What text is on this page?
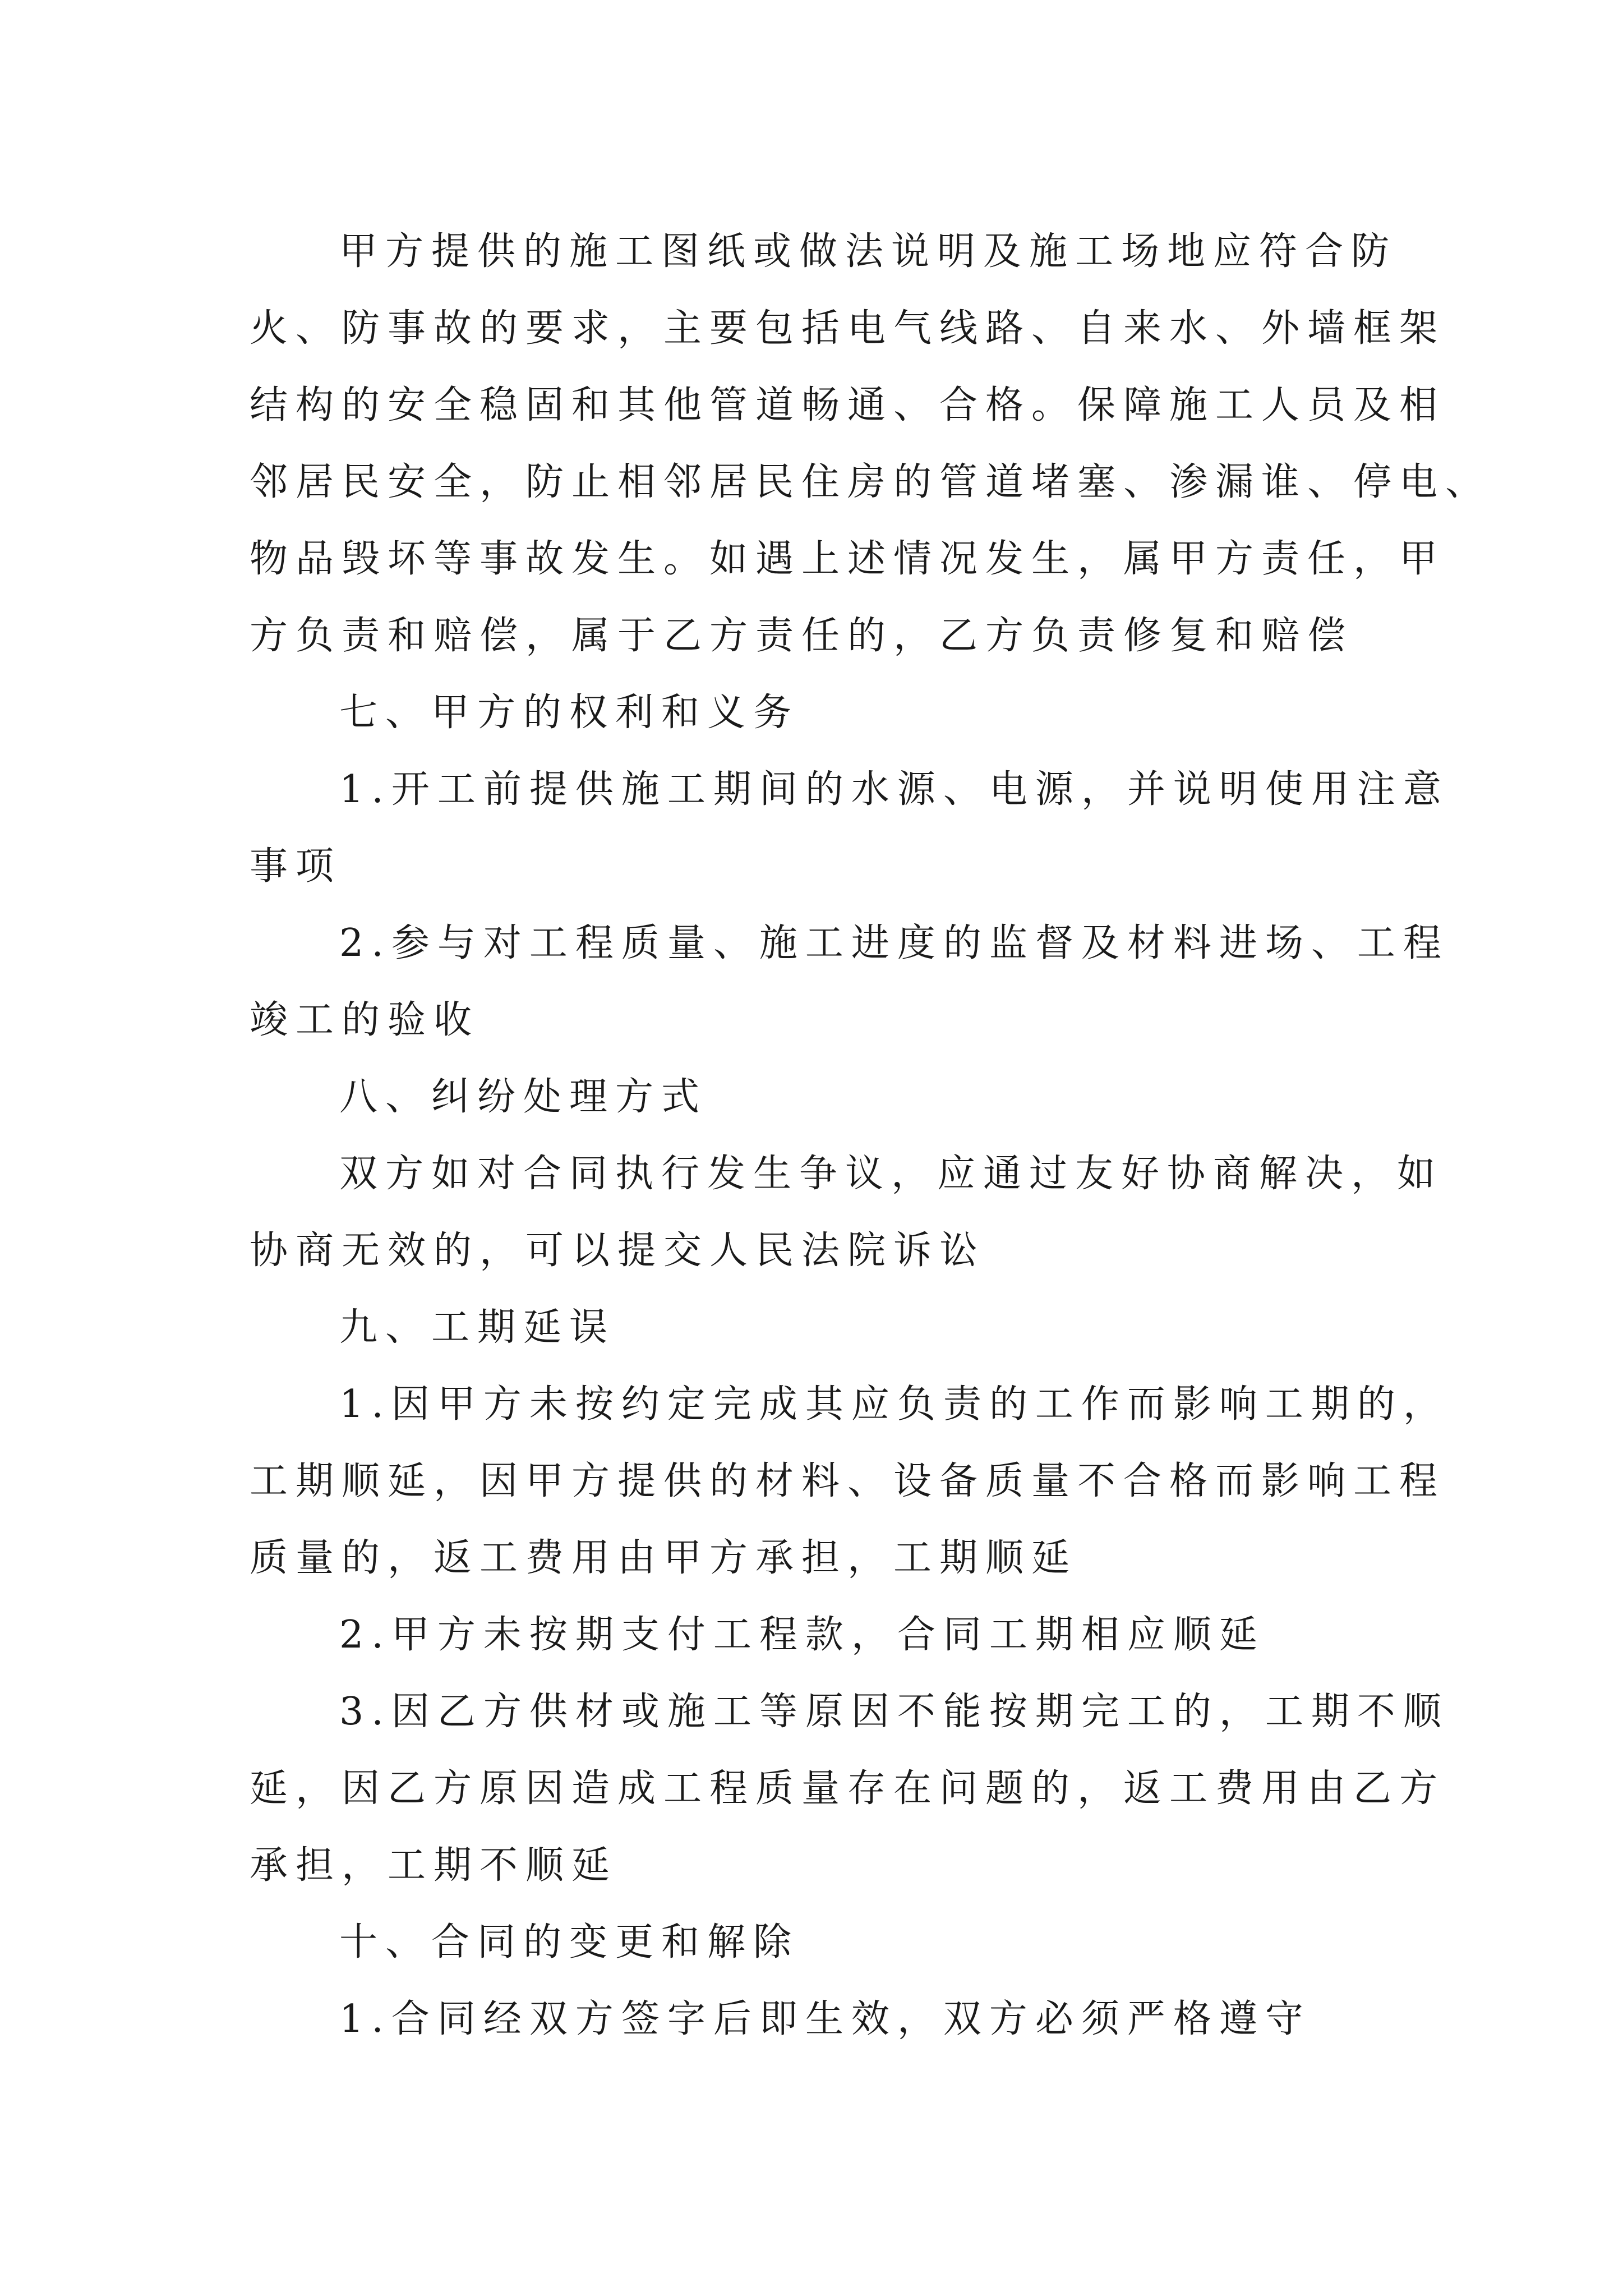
甲方提供的施工图纸或做法说明及施工场地应符合防
火、防事故的要求，主要包括电气线路、自来水、外墙框架
结构的安全稳固和其他管道畅通、合格。保障施工人员及相
邻居民安全，防止相邻居民住房的管道堵塞、渗漏谁、停电、
物品毁坏等事故发生。如遇上述情况发生，属甲方责任，甲
方负责和赔偿，属于乙方责任的，乙方负责修复和赔偿
七、甲方的权利和义务
1.开工前提供施工期间的水源、电源，并说明使用注意
事项
2.参与对工程质量、施工进度的监督及材料进场、工程
竣工的验收
八、纠纷处理方式
双方如对合同执行发生争议，应通过友好协商解决，如
协商无效的，可以提交人民法院诉讼
九、工期延误
1.因甲方未按约定完成其应负责的工作而影响工期的，
工期顺延，因甲方提供的材料、设备质量不合格而影响工程
质量的，返工费用由甲方承担，工期顺延
2.甲方未按期支付工程款，合同工期相应顺延
3.因乙方供材或施工等原因不能按期完工的，工期不顺
延，因乙方原因造成工程质量存在问题的，返工费用由乙方
承担，工期不顺延
十、合同的变更和解除
1.合同经双方签字后即生效，双方必须严格遵守
